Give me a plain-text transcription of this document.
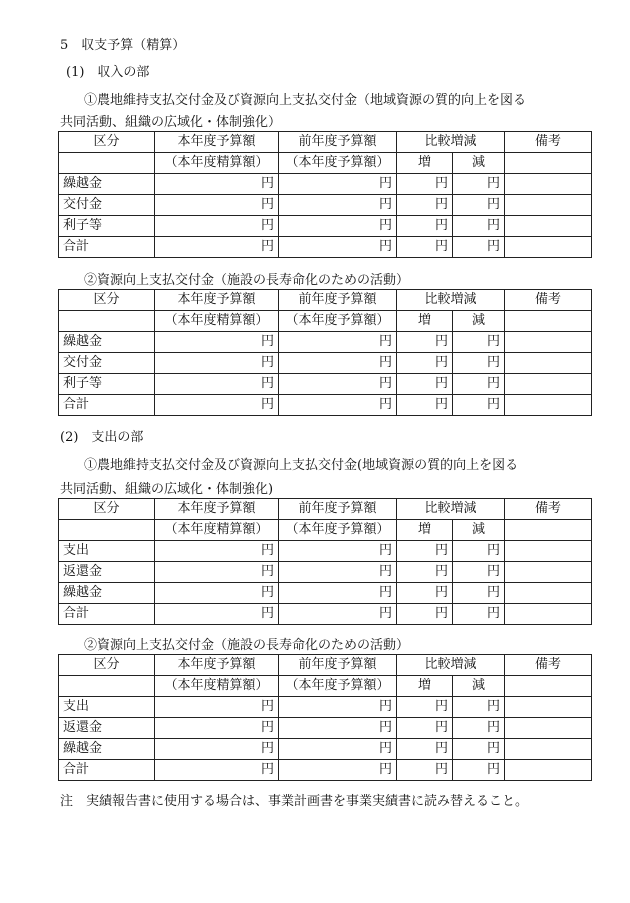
5　収支予算（精算）
(1)　収入の部
①農地維持支払交付金及び資源向上支払交付金（地域資源の質的向上を図る
共同活動、組織の広域化・体制強化）
区分	本年度予算額	前年度予算額	比較増減		備考
	（本年度精算額）	（本年度予算額）	増	減	
繰越金	円	円	円	円	
交付金	円	円	円	円	
利子等	円	円	円	円	
合計	円	円	円	円	
②資源向上支払交付金（施設の長寿命化のための活動）
区分	本年度予算額	前年度予算額	比較増減		備考
	（本年度精算額）	（本年度予算額）	増	減	
繰越金	円	円	円	円	
交付金	円	円	円	円	
利子等	円	円	円	円	
合計	円	円	円	円	
(2)　支出の部
①農地維持支払交付金及び資源向上支払交付金(地域資源の質的向上を図る
共同活動、組織の広域化・体制強化)
区分	本年度予算額	前年度予算額	比較増減		備考
	（本年度精算額）	（本年度予算額）	増	減	
支出	円	円	円	円	
返還金	円	円	円	円	
繰越金	円	円	円	円	
合計	円	円	円	円	
②資源向上支払交付金（施設の長寿命化のための活動）
区分	本年度予算額	前年度予算額	比較増減		備考
	（本年度精算額）	（本年度予算額）	増	減	
支出	円	円	円	円	
返還金	円	円	円	円	
繰越金	円	円	円	円	
合計	円	円	円	円	
注　実績報告書に使用する場合は、事業計画書を事業実績書に読み替えること。
